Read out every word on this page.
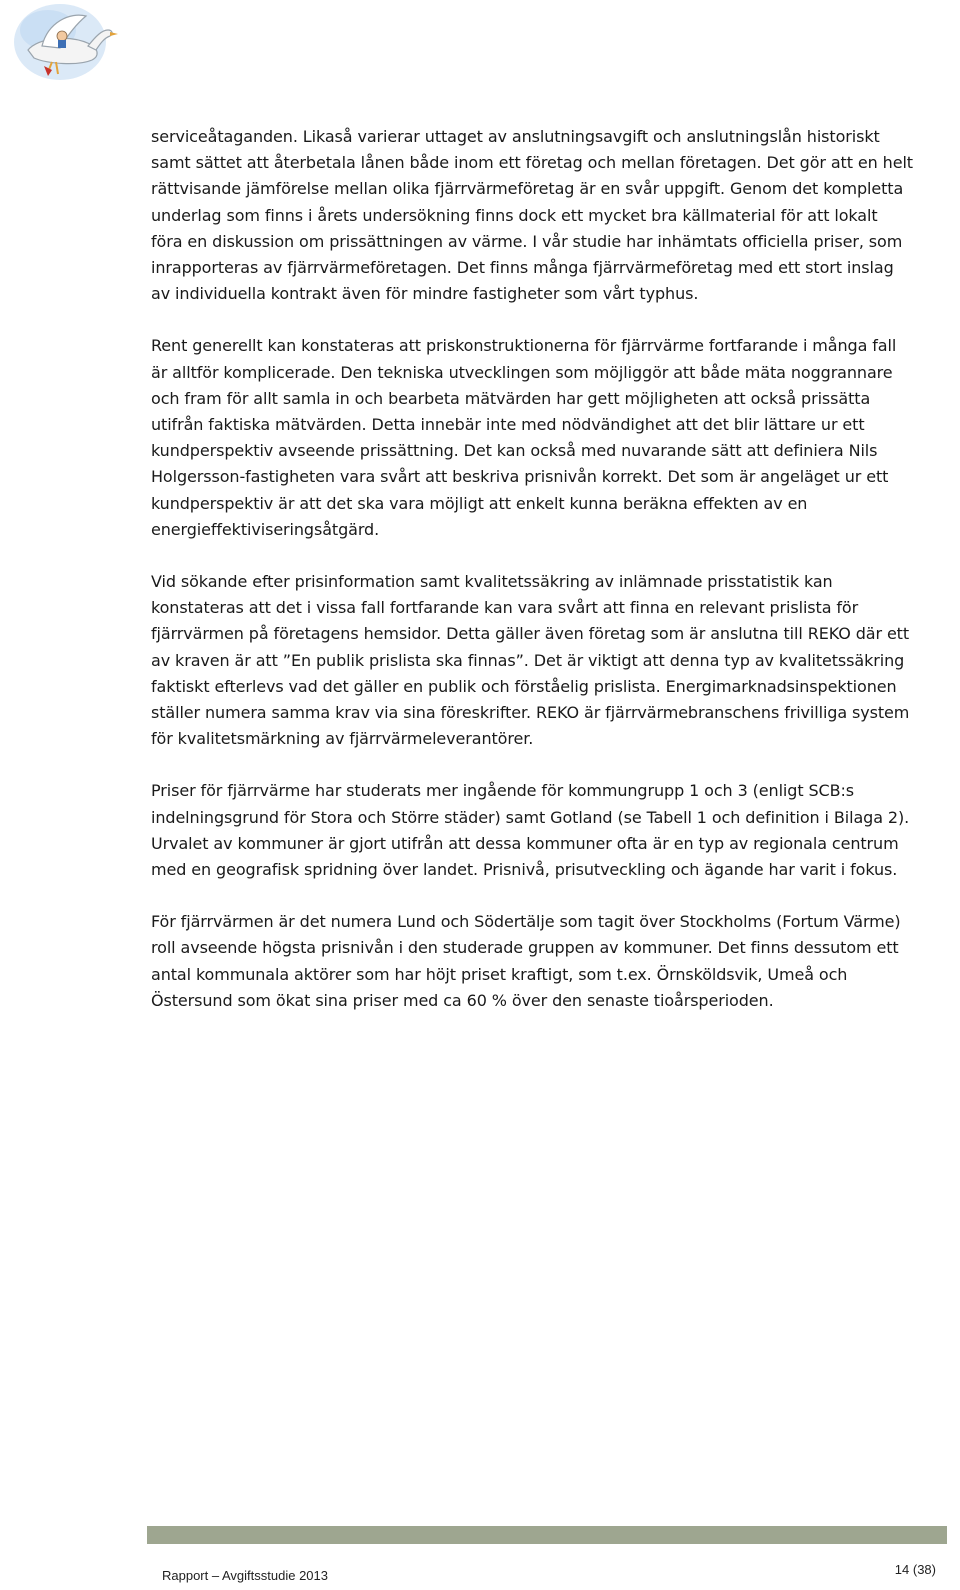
serviceåtaganden. Likaså varierar uttaget av anslutningsavgift och anslutningslån historiskt samt sättet att återbetala lånen både inom ett företag och mellan företagen. Det gör att en helt rättvisande jämförelse mellan olika fjärrvärmeföretag är en svår uppgift. Genom det kompletta underlag som finns i årets undersökning finns dock ett mycket bra källmaterial för att lokalt föra en diskussion om prissättningen av värme. I vår studie har inhämtats officiella priser, som inrapporteras av fjärrvärmeföretagen. Det finns många fjärrvärmeföretag med ett stort inslag av individuella kontrakt även för mindre fastigheter som vårt typhus.

Rent generellt kan konstateras att priskonstruktionerna för fjärrvärme fortfarande i många fall är alltför komplicerade. Den tekniska utvecklingen som möjliggör att både mäta noggrannare och fram för allt samla in och bearbeta mätvärden har gett möjligheten att också prissätta utifrån faktiska mätvärden. Detta innebär inte med nödvändighet att det blir lättare ur ett kundperspektiv avseende prissättning. Det kan också med nuvarande sätt att definiera Nils Holgersson-fastigheten vara svårt att beskriva prisnivån korrekt. Det som är angeläget ur ett kundperspektiv är att det ska vara möjligt att enkelt kunna beräkna effekten av en energieffektiviseringsåtgärd.

Vid sökande efter prisinformation samt kvalitetssäkring av inlämnade prisstatistik kan konstateras att det i vissa fall fortfarande kan vara svårt att finna en relevant prislista för fjärrvärmen på företagens hemsidor. Detta gäller även företag som är anslutna till REKO där ett av kraven är att ”En publik prislista ska finnas”. Det är viktigt att denna typ av kvalitetssäkring faktiskt efterlevs vad det gäller en publik och förståelig prislista. Energimarknadsinspektionen ställer numera samma krav via sina föreskrifter. REKO är fjärrvärmebranschens frivilliga system för kvalitetsmärkning av fjärrvärmeleverantörer.

Priser för fjärrvärme har studerats mer ingående för kommungrupp 1 och 3 (enligt SCB:s indelningsgrund för Stora och Större städer) samt Gotland (se Tabell 1 och definition i Bilaga 2). Urvalet av kommuner är gjort utifrån att dessa kommuner ofta är en typ av regionala centrum med en geografisk spridning över landet. Prisnivå, prisutveckling och ägande har varit i fokus.

För fjärrvärmen är det numera Lund och Södertälje som tagit över Stockholms (Fortum Värme) roll avseende högsta prisnivån i den studerade gruppen av kommuner. Det finns dessutom ett antal kommunala aktörer som har höjt priset kraftigt, som t.ex. Örnsköldsvik, Umeå och Östersund som ökat sina priser med ca 60 % över den senaste tioårsperioden.

Rapport – Avgiftsstudie 2013	14 (38)
